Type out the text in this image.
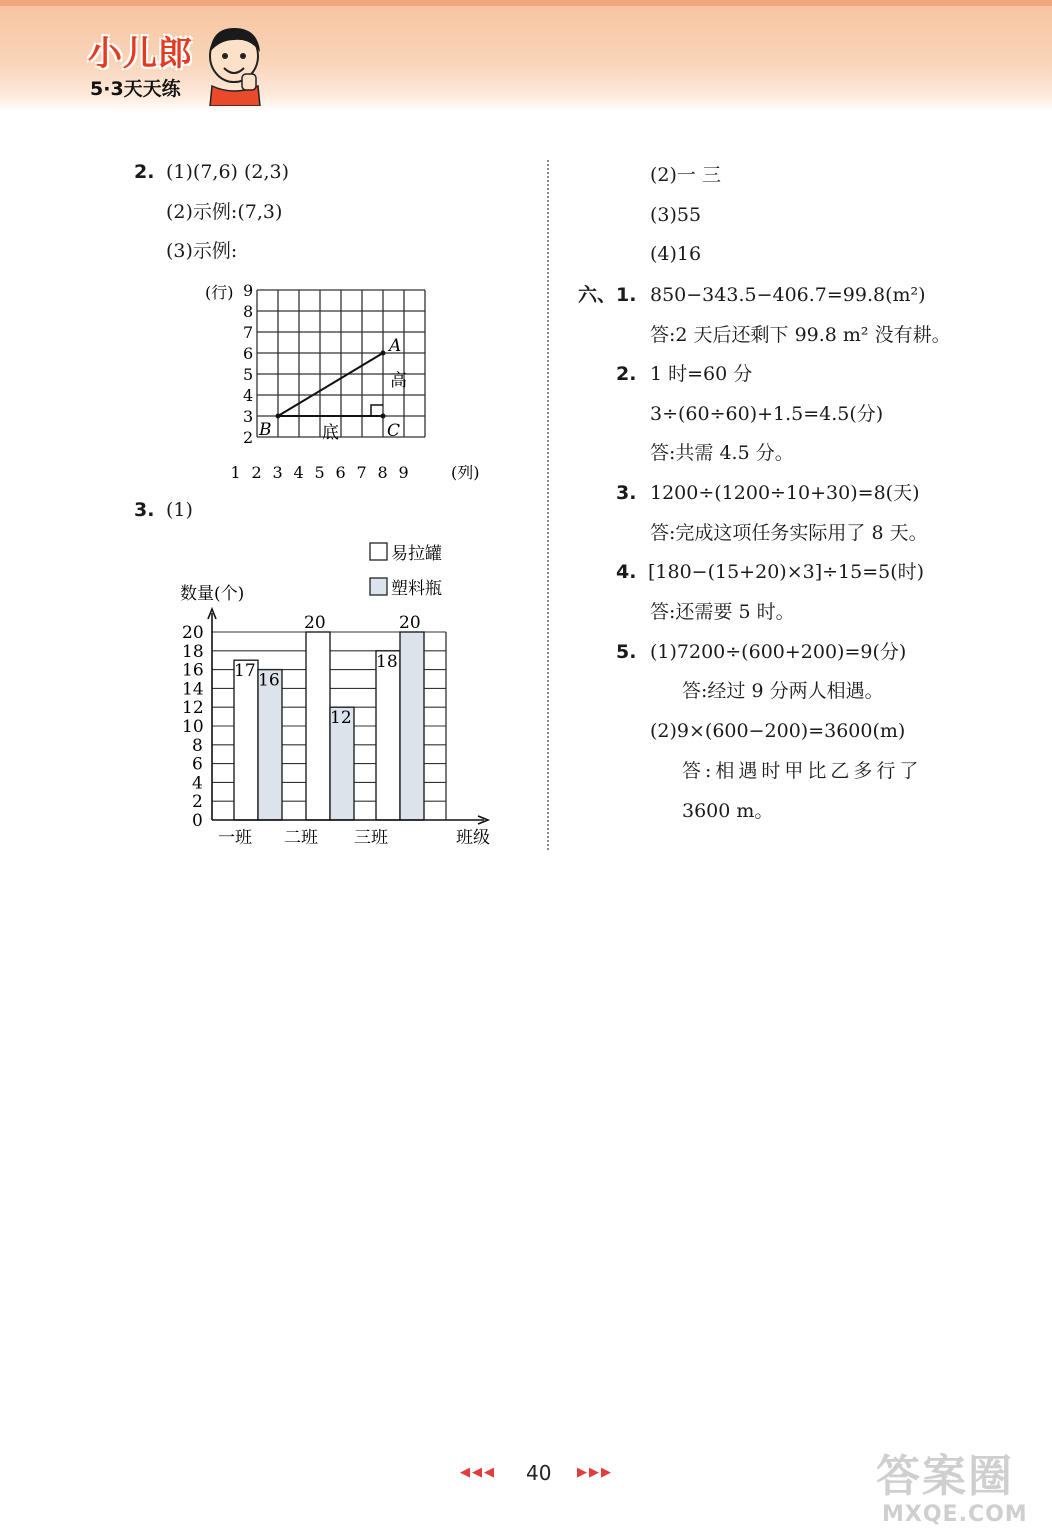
小儿郎
5·3天天练
2. (1)(7,6) (2,3)
(2)示例:(7,3)
(3)示例:
(行) 9
8
7
6
5
4
3
2
1 2 3 4 5 6 7 8 9	(列)
A
B	C
高
底
3. (1)
易拉罐
塑料瓶
数量(个)
20
18
16
14
12
10
8
6
4
2
0
一班 二班 三班
17 16
20
12
18
20
班级
(2)一 三
(3)55
(4)16
六、1. 850−343.5−406.7=99.8(m²)
答:2 天后还剩下 99.8 m² 没有耕。
2. 1 时=60 分
3÷(60÷60)+1.5=4.5(分)
答:共需 4.5 分。
3. 1200÷(1200÷10+30)=8(天)
答:完成这项任务实际用了 8 天。
4. [180−(15+20)×3]÷15=5(时)
答:还需要 5 时。
5. (1)7200÷(600+200)=9(分)
答:经过 9 分两人相遇。
(2)9×(600−200)=3600(m)
答:相遇时甲比乙多行了
3600 m。
◀◀◀ 40 ▶▶▶	答案圈
MXQE.COM
